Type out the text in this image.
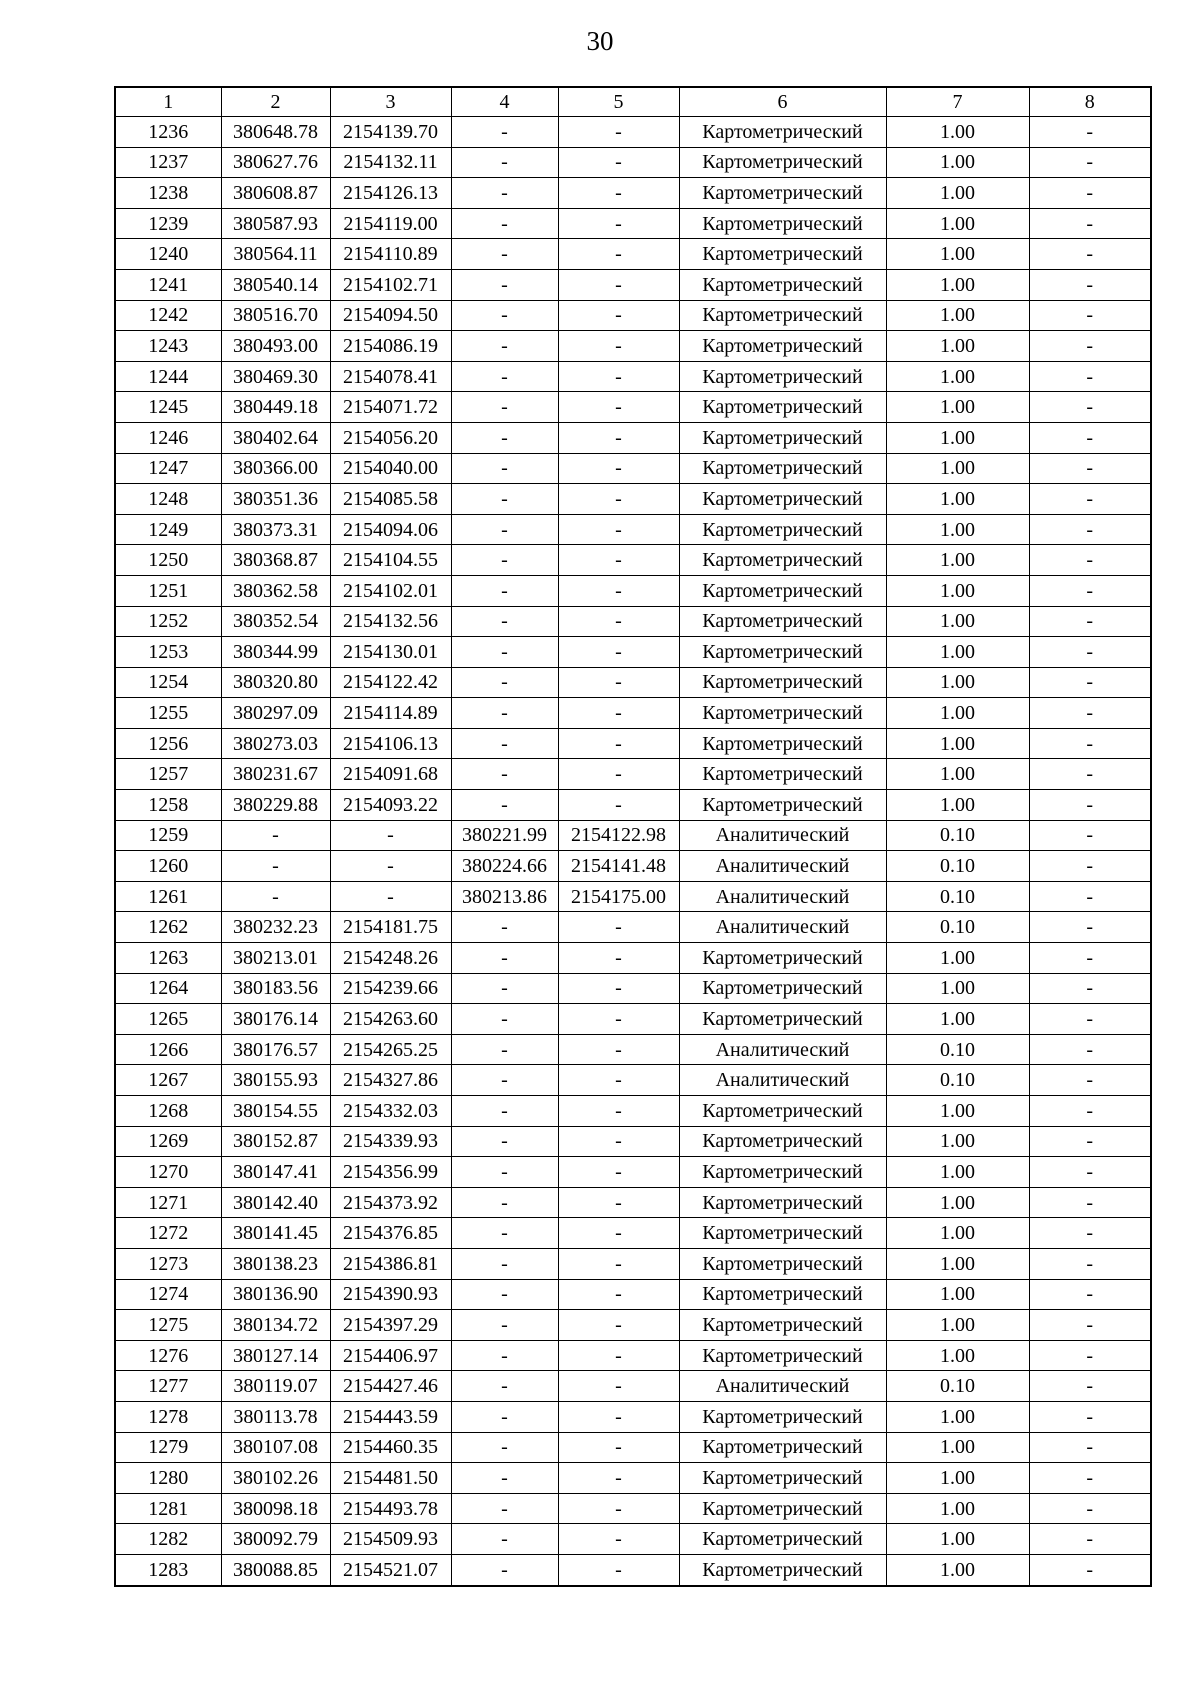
30
1	2	3	4	5	6	7	8
1236	380648.78	2154139.70	-	-	Картометрический	1.00	-
1237	380627.76	2154132.11	-	-	Картометрический	1.00	-
1238	380608.87	2154126.13	-	-	Картометрический	1.00	-
1239	380587.93	2154119.00	-	-	Картометрический	1.00	-
1240	380564.11	2154110.89	-	-	Картометрический	1.00	-
1241	380540.14	2154102.71	-	-	Картометрический	1.00	-
1242	380516.70	2154094.50	-	-	Картометрический	1.00	-
1243	380493.00	2154086.19	-	-	Картометрический	1.00	-
1244	380469.30	2154078.41	-	-	Картометрический	1.00	-
1245	380449.18	2154071.72	-	-	Картометрический	1.00	-
1246	380402.64	2154056.20	-	-	Картометрический	1.00	-
1247	380366.00	2154040.00	-	-	Картометрический	1.00	-
1248	380351.36	2154085.58	-	-	Картометрический	1.00	-
1249	380373.31	2154094.06	-	-	Картометрический	1.00	-
1250	380368.87	2154104.55	-	-	Картометрический	1.00	-
1251	380362.58	2154102.01	-	-	Картометрический	1.00	-
1252	380352.54	2154132.56	-	-	Картометрический	1.00	-
1253	380344.99	2154130.01	-	-	Картометрический	1.00	-
1254	380320.80	2154122.42	-	-	Картометрический	1.00	-
1255	380297.09	2154114.89	-	-	Картометрический	1.00	-
1256	380273.03	2154106.13	-	-	Картометрический	1.00	-
1257	380231.67	2154091.68	-	-	Картометрический	1.00	-
1258	380229.88	2154093.22	-	-	Картометрический	1.00	-
1259	-	-	380221.99	2154122.98	Аналитический	0.10	-
1260	-	-	380224.66	2154141.48	Аналитический	0.10	-
1261	-	-	380213.86	2154175.00	Аналитический	0.10	-
1262	380232.23	2154181.75	-	-	Аналитический	0.10	-
1263	380213.01	2154248.26	-	-	Картометрический	1.00	-
1264	380183.56	2154239.66	-	-	Картометрический	1.00	-
1265	380176.14	2154263.60	-	-	Картометрический	1.00	-
1266	380176.57	2154265.25	-	-	Аналитический	0.10	-
1267	380155.93	2154327.86	-	-	Аналитический	0.10	-
1268	380154.55	2154332.03	-	-	Картометрический	1.00	-
1269	380152.87	2154339.93	-	-	Картометрический	1.00	-
1270	380147.41	2154356.99	-	-	Картометрический	1.00	-
1271	380142.40	2154373.92	-	-	Картометрический	1.00	-
1272	380141.45	2154376.85	-	-	Картометрический	1.00	-
1273	380138.23	2154386.81	-	-	Картометрический	1.00	-
1274	380136.90	2154390.93	-	-	Картометрический	1.00	-
1275	380134.72	2154397.29	-	-	Картометрический	1.00	-
1276	380127.14	2154406.97	-	-	Картометрический	1.00	-
1277	380119.07	2154427.46	-	-	Аналитический	0.10	-
1278	380113.78	2154443.59	-	-	Картометрический	1.00	-
1279	380107.08	2154460.35	-	-	Картометрический	1.00	-
1280	380102.26	2154481.50	-	-	Картометрический	1.00	-
1281	380098.18	2154493.78	-	-	Картометрический	1.00	-
1282	380092.79	2154509.93	-	-	Картометрический	1.00	-
1283	380088.85	2154521.07	-	-	Картометрический	1.00	-
